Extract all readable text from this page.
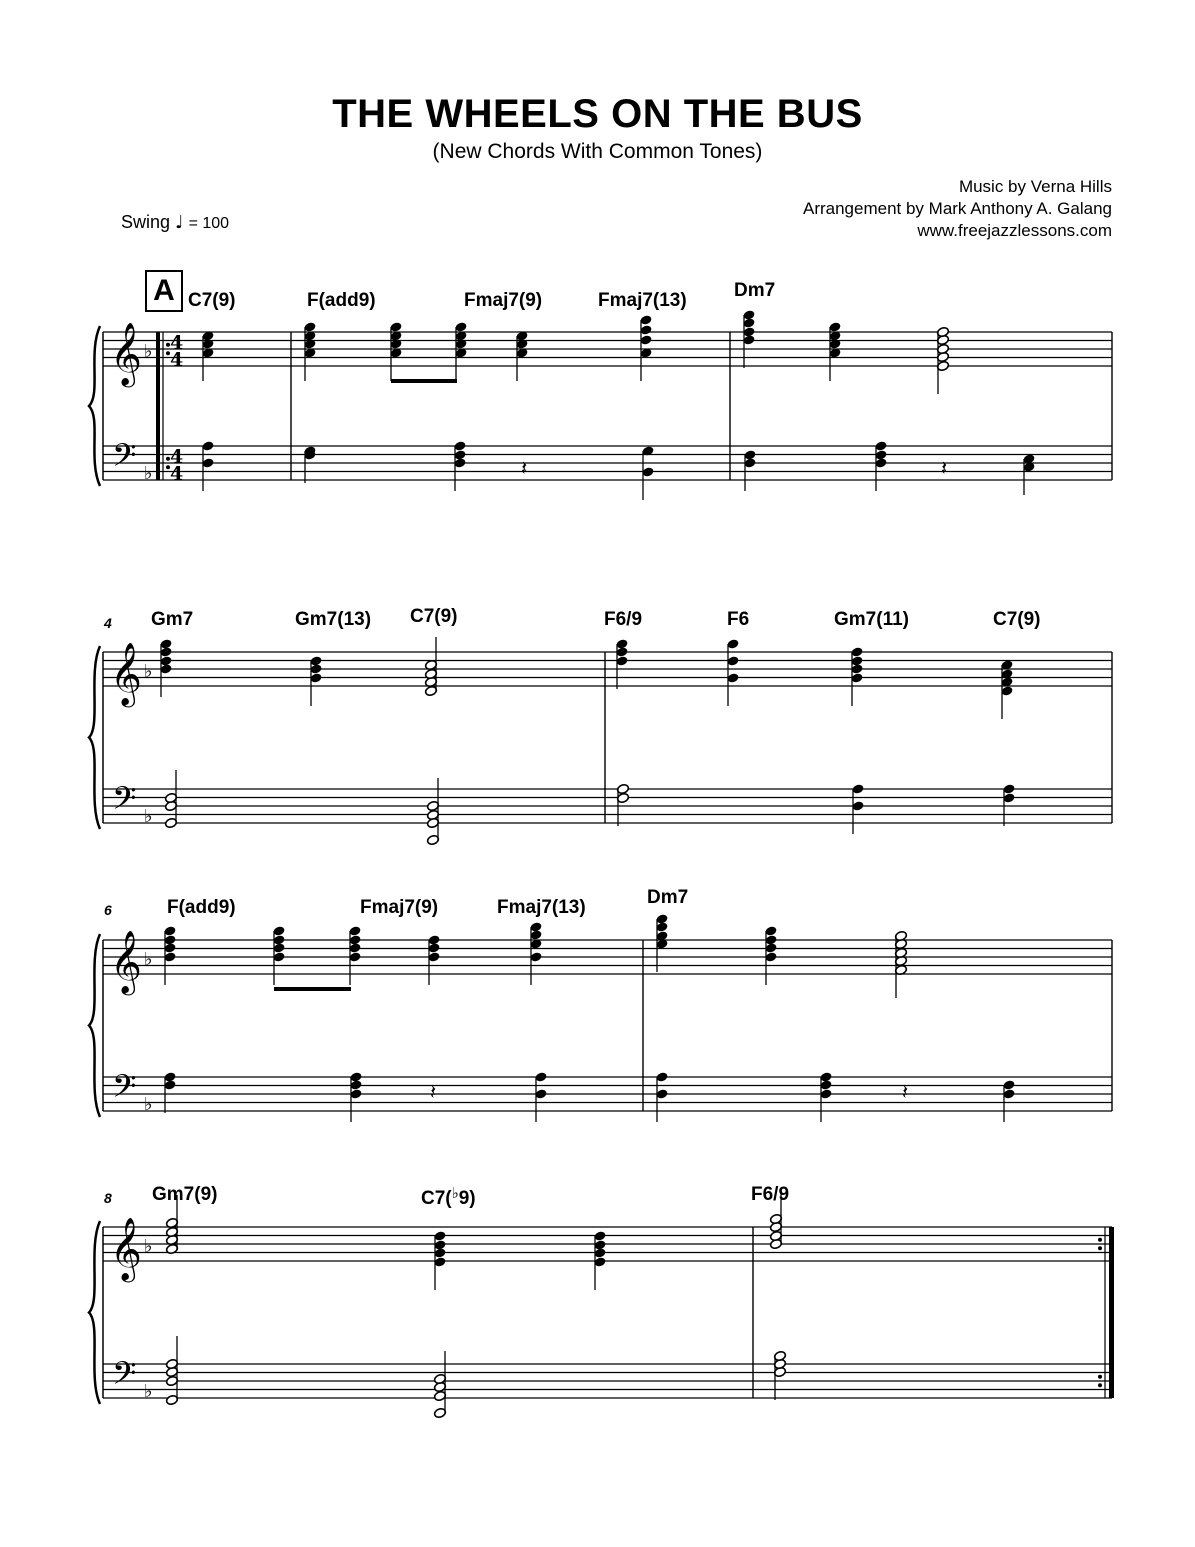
THE WHEELS ON THE BUS
(New Chords With Common Tones)
Music by Verna Hills
Arrangement by Mark Anthony A. Galang
www.freejazzlessons.com
Swing ♩ = 100
A C7(9)	F(add9)	Fmaj7(9)	Fmaj7(13) Dm7
4 Gm7	Gm7(13) C7(9)	F6/9	F6	Gm7(11)	C7(9)
6	F(add9)	Fmaj7(9)	Fmaj7(13)	Dm7
8 Gm7(9)	C7(♭9)	F6/9
𝄞
𝄢
♭
♭
4
4
4
4
𝄞
𝄢
♭
♭
𝄞
𝄢
♭
♭
𝄞
𝄢
♭
♭
𝄽	𝄽
𝄽	𝄽
